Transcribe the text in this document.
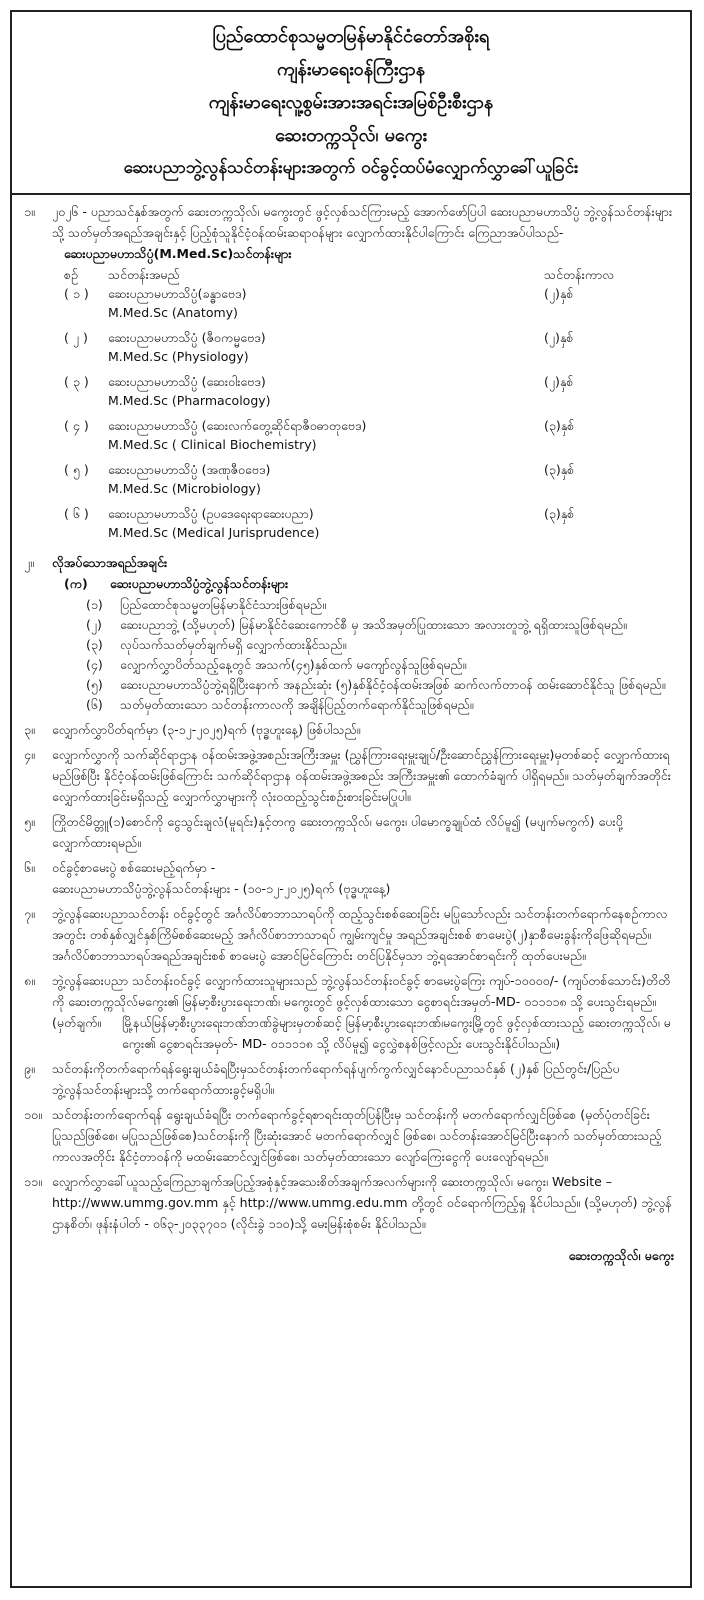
ပြည်ထောင်စုသမ္မတမြန်မာနိုင်ငံတော်အစိုးရ
ကျန်းမာရေးဝန်ကြီးဌာန
ကျန်းမာရေးလူ့စွမ်းအားအရင်းအမြစ်ဦးစီးဌာန
ဆေးတက္ကသိုလ်၊ မကွေး
ဆေးပညာဘွဲ့လွန်သင်တန်းများအတွက် ဝင်ခွင့်ထပ်မံလျှောက်လွှာခေါ်ယူခြင်း
၁။	၂၀၂၆ - ပညာသင်နှစ်အတွက် ဆေးတက္ကသိုလ်၊ မကွေးတွင် ဖွင့်လှစ်သင်ကြားမည့် အောက်ဖော်ပြပါ ဆေးပညာမဟာသိပ္ပံ ဘွဲ့လွန်သင်တန်းများသို့ သတ်မှတ်အရည်အချင်းနှင့် ပြည့်စုံသူနိုင်ငံ့ဝန်ထမ်းဆရာဝန်များ လျှောက်ထားနိုင်ပါကြောင်း ကြေညာအပ်ပါသည်-
ဆေးပညာမဟာသိပ္ပံ(M.Med.Sc)သင်တန်းများ
စဉ်	သင်တန်းအမည်	သင်တန်းကာလ
( ၁ )	ဆေးပညာမဟာသိပ္ပံ(ခန္ဓာဗေဒ)	(၂)နှစ်
	M.Med.Sc (Anatomy)	
( ၂ )	ဆေးပညာမဟာသိပ္ပံ (ဇီဝကမ္မဗေဒ)	(၂)နှစ်
	M.Med.Sc (Physiology)	
( ၃ )	ဆေးပညာမဟာသိပ္ပံ (ဆေးဝါးဗေဒ)	(၂)နှစ်
	M.Med.Sc (Pharmacology)	
( ၄ )	ဆေးပညာမဟာသိပ္ပံ (ဆေးလက်တွေ့ဆိုင်ရာဇီဝဓာတုဗေဒ)	(၃)နှစ်
	M.Med.Sc ( Clinical Biochemistry)	
( ၅ )	ဆေးပညာမဟာသိပ္ပံ (အဏုဇီဝဗေဒ)	(၃)နှစ်
	M.Med.Sc (Microbiology)	
( ၆ )	ဆေးပညာမဟာသိပ္ပံ (ဥပဒေရေးရာဆေးပညာ)	(၃)နှစ်
	M.Med.Sc (Medical Jurisprudence)	
၂။	လိုအပ်သောအရည်အချင်း
(က) ဆေးပညာမဟာသိပ္ပံဘွဲ့လွန်သင်တန်းများ
(၁)	ပြည်ထောင်စုသမ္မတမြန်မာနိုင်ငံသားဖြစ်ရမည်။
(၂)	ဆေးပညာဘွဲ့ (သို့မဟုတ်) မြန်မာနိုင်ငံဆေးကောင်စီ မှ အသိအမှတ်ပြုထားသော အလားတူဘွဲ့ ရရှိထားသူဖြစ်ရမည်။
(၃)	လုပ်သက်သတ်မှတ်ချက်မရှိ လျှောက်ထားနိုင်သည်။
(၄)	လျှောက်လွှာပိတ်သည့်နေ့တွင် အသက်(၄၅)နှစ်ထက် မကျော်လွန်သူဖြစ်ရမည်။
(၅)	ဆေးပညာမဟာသိပ္ပံဘွဲ့ရရှိပြီးနောက် အနည်းဆုံး (၅)နှစ်နိုင်ငံ့ဝန်ထမ်းအဖြစ် ဆက်လက်တာဝန် ထမ်းဆောင်နိုင်သူ ဖြစ်ရမည်။
(၆)	သတ်မှတ်ထားသော သင်တန်းကာလကို အချိန်ပြည့်တက်ရောက်နိုင်သူဖြစ်ရမည်။
၃။	လျှောက်လွှာပိတ်ရက်မှာ (၃-၁၂-၂၀၂၅)ရက် (ဗုဒ္ဓဟူးနေ့) ဖြစ်ပါသည်။
၄။	လျှောက်လွှာကို သက်ဆိုင်ရာဌာန ဝန်ထမ်းအဖွဲ့အစည်းအကြီးအမှူး (ညွှန်ကြားရေးမှူးချုပ်/ဦးဆောင်ညွှန်ကြားရေးမှူး)မှတစ်ဆင့် လျှောက်ထားရမည်ဖြစ်ပြီး နိုင်ငံ့ဝန်ထမ်းဖြစ်ကြောင်း သက်ဆိုင်ရာဌာန ဝန်ထမ်းအဖွဲ့အစည်း အကြီးအမှူး၏ ထောက်ခံချက် ပါရှိရမည်။ သတ်မှတ်ချက်အတိုင်း လျှောက်ထားခြင်းမရှိသည့် လျှောက်လွှာများကို လုံးဝထည့်သွင်းစဉ်းစားခြင်းမပြုပါ။
၅။	ကြိုတင်မိတ္တူ(၁)စောင်ကို ငွေသွင်းချလံ(မူရင်း)နှင့်တကွ ဆေးတက္ကသိုလ်၊ မကွေး၊ ပါမောက္ခချုပ်ထံ လိပ်မူ၍ (မပျက်မကွက်) ပေးပို့လျှောက်ထားရမည်။
၆။	ဝင်ခွင့်စာမေးပွဲ စစ်ဆေးမည့်ရက်မှာ -
ဆေးပညာမဟာသိပ္ပံဘွဲ့လွန်သင်တန်းများ - (၁၀-၁၂-၂၀၂၅)ရက် (ဗုဒ္ဓဟူးနေ့)
၇။	ဘွဲ့လွန်ဆေးပညာသင်တန်း ဝင်ခွင့်တွင် အင်္ဂလိပ်စာဘာသာရပ်ကို ထည့်သွင်းစစ်ဆေးခြင်း မပြုသော်လည်း သင်တန်းတက်ရောက်နေစဉ်ကာလအတွင်း တစ်နှစ်လျှင်နှစ်ကြိမ်စစ်ဆေးမည့် အင်္ဂလိပ်စာဘာသာရပ် ကျွမ်းကျင်မှု အရည်အချင်းစစ် စာမေးပွဲ(၂)နှာစီမေးခွန်းကိုဖြေဆိုရမည်။ အင်္ဂလိပ်စာဘာသာရပ်အရည်အချင်းစစ် စာမေးပွဲ အောင်မြင်ကြောင်း တင်ပြနိုင်မှသာ ဘွဲ့ရအောင်စာရင်းကို ထုတ်ပေးမည်။
၈။	ဘွဲ့လွန်ဆေးပညာ သင်တန်းဝင်ခွင့် လျှောက်ထားသူများသည် ဘွဲ့လွန်သင်တန်းဝင်ခွင့် စာမေးပွဲကြေး ကျပ်-၁၀၀၀၀/- (ကျပ်တစ်သောင်း)တိတိကို ဆေးတက္ကသိုလ်မကွေး၏ မြန်မာ့စီးပွားရေးဘဏ်၊ မကွေးတွင် ဖွင့်လှစ်ထားသော ငွေစာရင်းအမှတ်-MD- ၀၁၁၁၁၈ သို့ ပေးသွင်းရမည်။
(မှတ်ချက်။	မြို့နယ်မြန်မာ့စီးပွားရေးဘဏ်ဘဏ်ခွဲများမှတစ်ဆင့် မြန်မာ့စီးပွားရေးဘဏ်၊မကွေးမြို့တွင် ဖွင့်လှစ်ထားသည့် ဆေးတက္ကသိုလ်၊ မကွေး၏ ငွေစာရင်းအမှတ်- MD- ၀၁၁၁၁၈ သို့ လိပ်မူ၍ ငွေလွှဲစနစ်ဖြင့်လည်း ပေးသွင်းနိုင်ပါသည်။)
၉။	သင်တန်းကိုတက်ရောက်ရန်ရွေးချယ်ခံရပြီးမှသင်တန်းတက်ရောက်ရန်ပျက်ကွက်လျှင်နောင်ပညာသင်နှစ် (၂)နှစ် ပြည်တွင်း/ပြည်ပ ဘွဲ့လွန်သင်တန်းများသို့ တက်ရောက်ထားခွင့်မရှိပါ။
၁၀။ သင်တန်းတက်ရောက်ရန် ရွေးချယ်ခံရပြီး တက်ရောက်ခွင့်ရစာရင်းထုတ်ပြန်ပြီးမှ သင်တန်းကို မတက်ရောက်လျှင်ဖြစ်စေ (မှတ်ပုံတင်ခြင်းပြုသည်ဖြစ်စေ၊ မပြုသည်ဖြစ်စေ)သင်တန်းကို ပြီးဆုံးအောင် မတက်ရောက်လျှင် ဖြစ်စေ၊ သင်တန်းအောင်မြင်ပြီးနောက် သတ်မှတ်ထားသည့်ကာလအတိုင်း နိုင်ငံ့တာဝန်ကို မထမ်းဆောင်လျှင်ဖြစ်စေ၊ သတ်မှတ်ထားသော လျော်ကြေးငွေကို ပေးလျော်ရမည်။
၁၁။ လျှောက်လွှာခေါ်ယူသည့်ကြေညာချက်အပြည့်အစုံနှင့်အသေးစိတ်အချက်အလက်များကို ဆေးတက္ကသိုလ်၊ မကွေး၊ Website – http://www.ummg.gov.mm နှင့် http://www.ummg.edu.mm တို့တွင် ဝင်ရောက်ကြည့်ရှု နိုင်ပါသည်။ (သို့မဟုတ်) ဘွဲ့လွန်ဌာနစိတ်၊ ဖုန်းနံပါတ် - ၀၆၃-၂၀၃၃၇၀၁ (လိုင်းခွဲ ၁၁၀)သို့ မေးမြန်းစုံစမ်း နိုင်ပါသည်။
ဆေးတက္ကသိုလ်၊ မကွေး
